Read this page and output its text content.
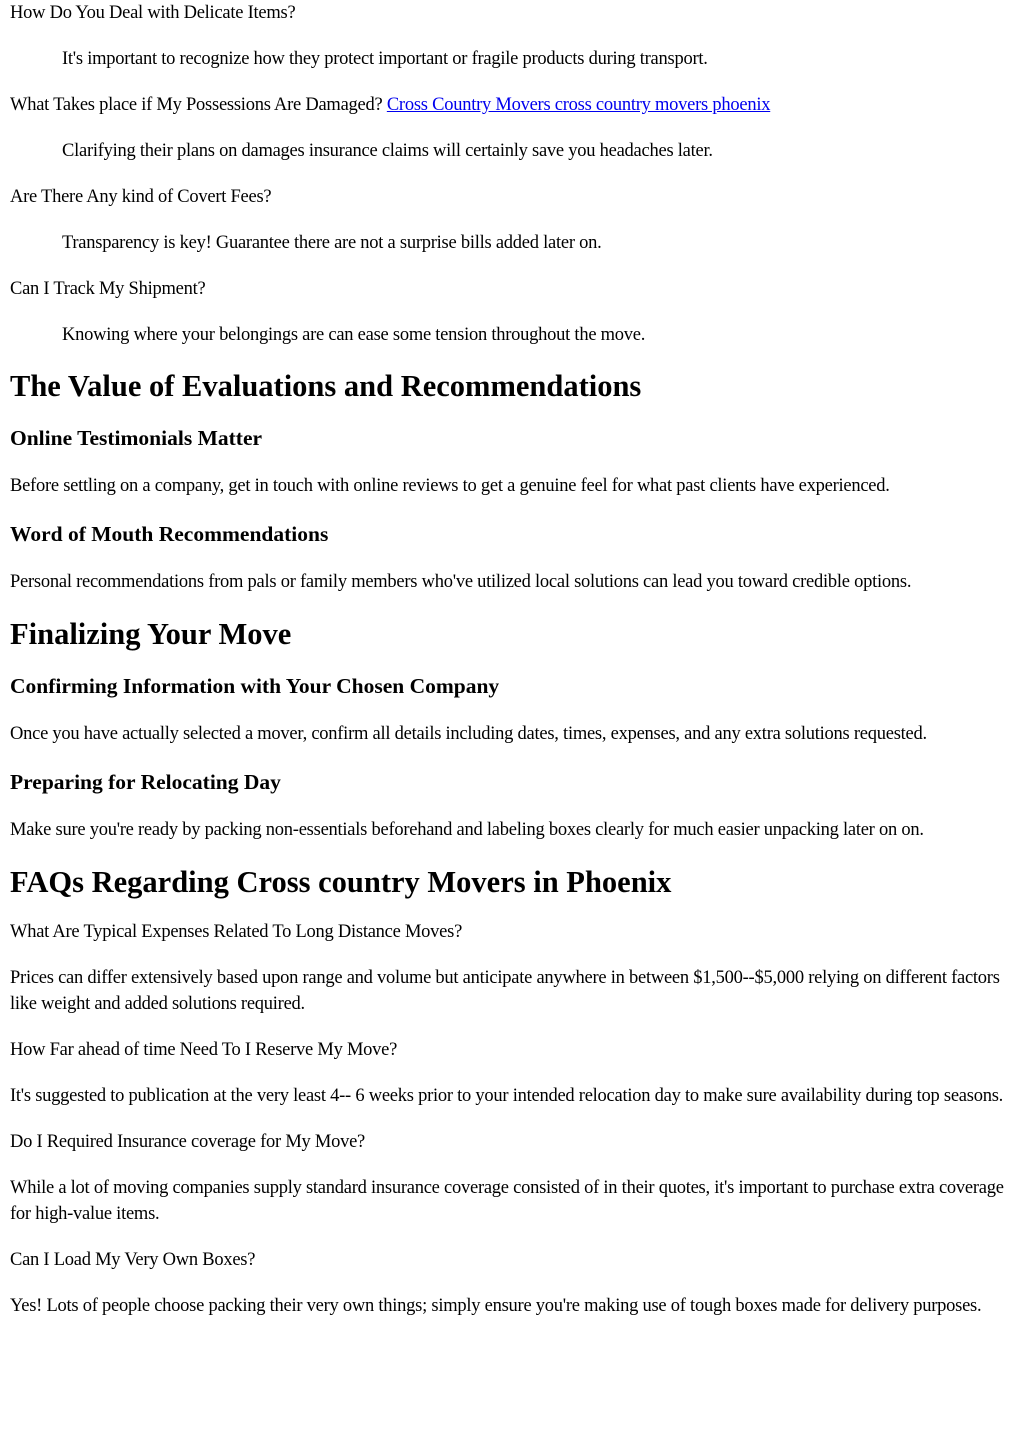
How Do You Deal with Delicate Items?

It's important to recognize how they protect important or fragile products during transport.

What Takes place if My Possessions Are Damaged? Cross Country Movers cross country movers phoenix

Clarifying their plans on damages insurance claims will certainly save you headaches later.

Are There Any kind of Covert Fees?

Transparency is key! Guarantee there are not a surprise bills added later on.

Can I Track My Shipment?

Knowing where your belongings are can ease some tension throughout the move.

The Value of Evaluations and Recommendations
Online Testimonials Matter

Before settling on a company, get in touch with online reviews to get a genuine feel for what past clients have experienced.

Word of Mouth Recommendations

Personal recommendations from pals or family members who've utilized local solutions can lead you toward credible options.

Finalizing Your Move
Confirming Information with Your Chosen Company

Once you have actually selected a mover, confirm all details including dates, times, expenses, and any extra solutions requested.

Preparing for Relocating Day

Make sure you're ready by packing non-essentials beforehand and labeling boxes clearly for much easier unpacking later on on.

FAQs Regarding Cross country Movers in Phoenix

What Are Typical Expenses Related To Long Distance Moves?

Prices can differ extensively based upon range and volume but anticipate anywhere in between $1,500--$5,000 relying on different factors like weight and added solutions required.

How Far ahead of time Need To I Reserve My Move?

It's suggested to publication at the very least 4-- 6 weeks prior to your intended relocation day to make sure availability during top seasons.

Do I Required Insurance coverage for My Move?

While a lot of moving companies supply standard insurance coverage consisted of in their quotes, it's important to purchase extra coverage for high-value items.

Can I Load My Very Own Boxes?

Yes! Lots of people choose packing their very own things; simply ensure you're making use of tough boxes made for delivery purposes.
